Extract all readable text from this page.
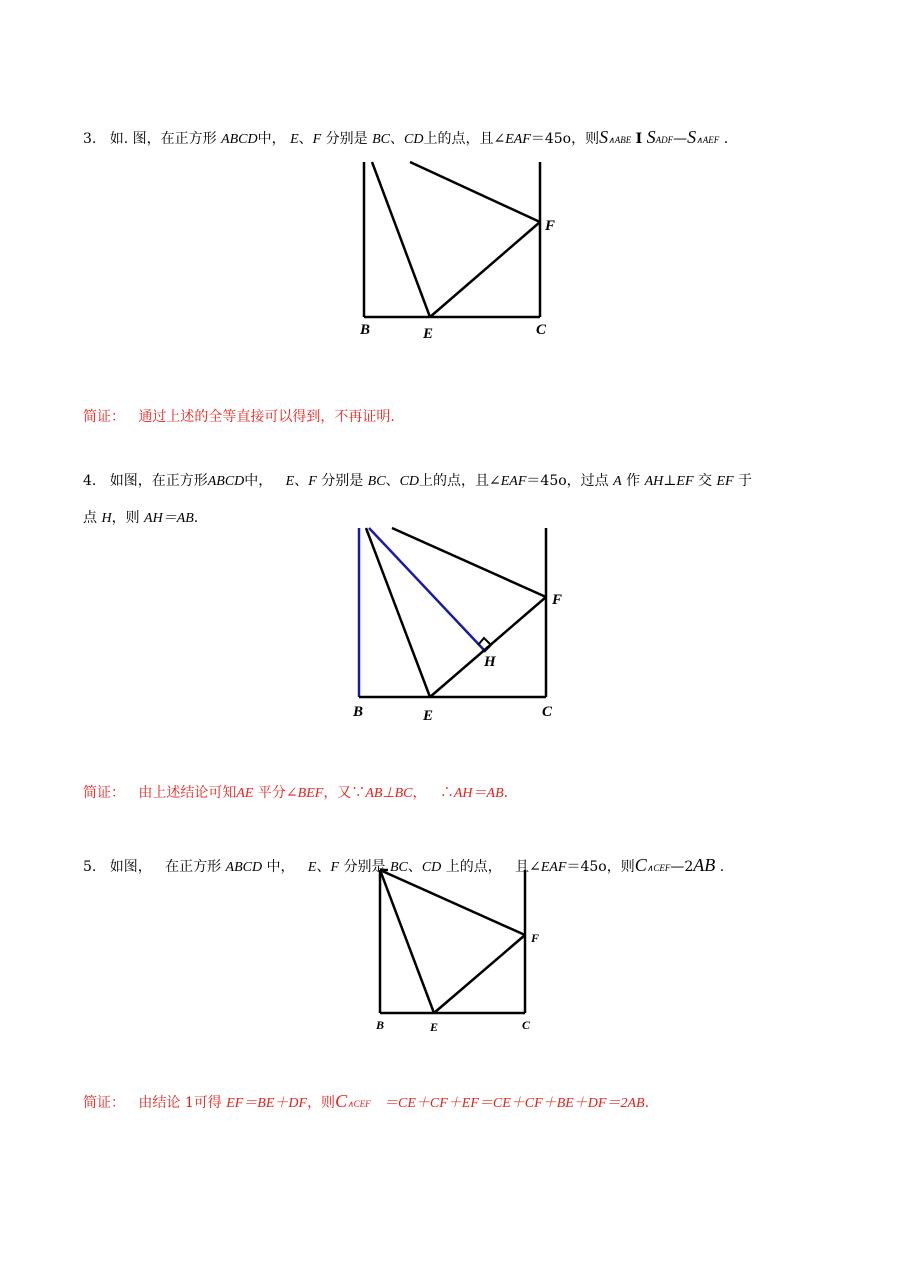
3. 如. 图，在正方形 ABCD中， E、F 分别是 BC、CD上的点，且∠EAF＝45o，则S∧ABE I SADF—S∧AEF .
B	E	C
F
简证： 通过上述的全等直接可以得到，不再证明.
4. 如图，在正方形ABCD中， E、F 分别是 BC、CD上的点，且∠EAF＝45o，过点 A 作 AH⊥EF 交 EF 于
点 H，则 AH＝AB.
B	E	C
F
H
简证： 由上述结论可知AE 平分∠BEF，又∵AB⊥BC， ∴AH＝AB.
5. 如图， 在正方形 ABCD 中， E、F 分别是 BC、CD 上的点， 且∠EAF＝45o，则C∧CEF—2AB .
B	E	C
F
简证： 由结论 1可得 EF＝BE＋DF，则C∧CEF ＝CE＋CF＋EF＝CE＋CF＋BE＋DF＝2AB.
